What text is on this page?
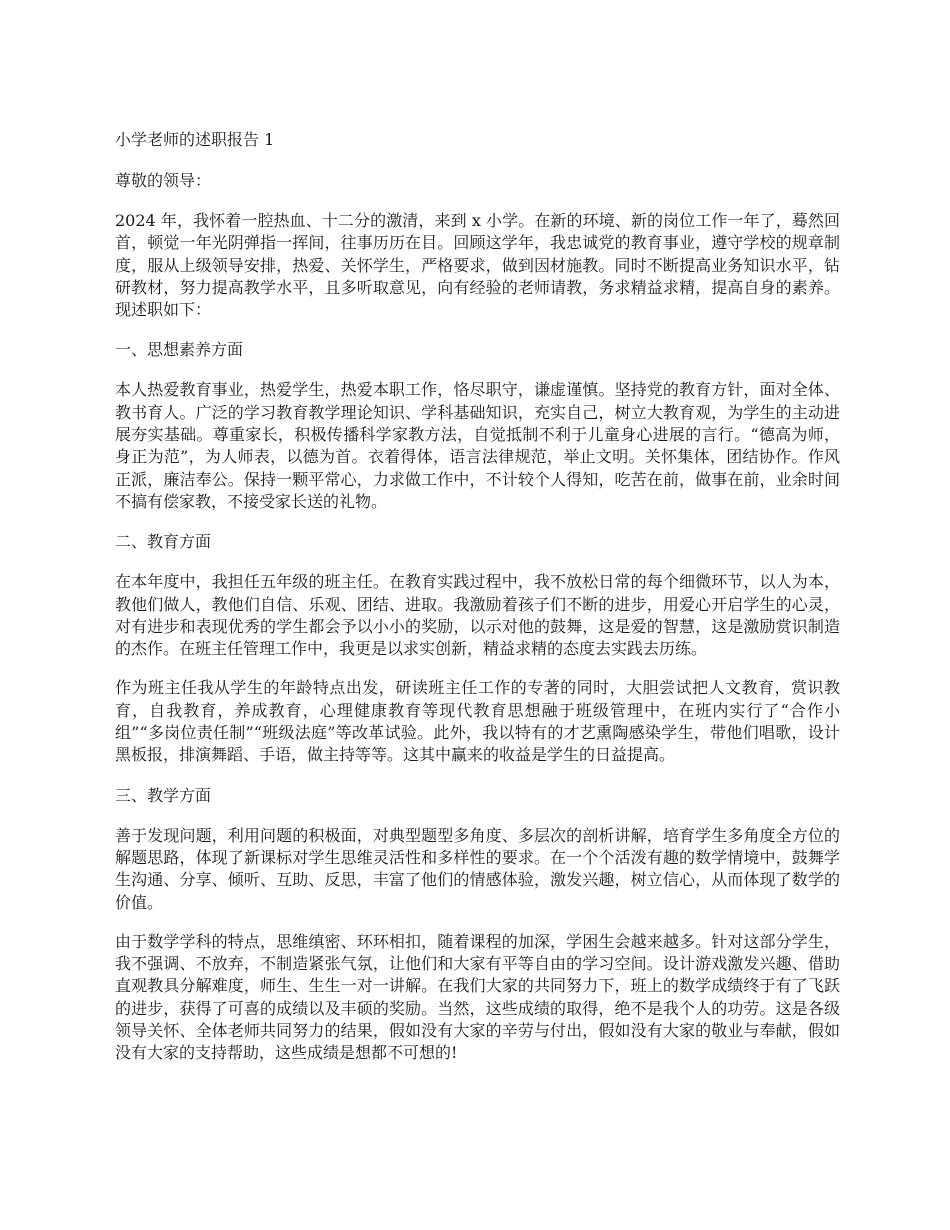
小学老师的述职报告 1

尊敬的领导：

2024 年，我怀着一腔热血、十二分的激清，来到 x 小学。在新的环境、新的岗位工作一年了，蓦然回首，顿觉一年光阴弹指一挥间，往事历历在目。回顾这学年，我忠诚党的教育事业，遵守学校的规章制度，服从上级领导安排，热爱、关怀学生，严格要求，做到因材施教。同时不断提高业务知识水平，钻研教材，努力提高教学水平，且多听取意见，向有经验的老师请教，务求精益求精，提高自身的素养。现述职如下：

一、思想素养方面

本人热爱教育事业，热爱学生，热爱本职工作，恪尽职守，谦虚谨慎。坚持党的教育方针，面对全体、教书育人。广泛的学习教育教学理论知识、学科基础知识，充实自己，树立大教育观，为学生的主动进展夯实基础。尊重家长，积极传播科学家教方法，自觉抵制不利于儿童身心进展的言行。“德高为师，身正为范”，为人师表，以德为首。衣着得体，语言法律规范，举止文明。关怀集体，团结协作。作风正派，廉洁奉公。保持一颗平常心，力求做工作中，不计较个人得知，吃苦在前，做事在前，业余时间不搞有偿家教，不接受家长送的礼物。

二、教育方面

在本年度中，我担任五年级的班主任。在教育实践过程中，我不放松日常的每个细微环节，以人为本，教他们做人，教他们自信、乐观、团结、进取。我激励着孩子们不断的进步，用爱心开启学生的心灵，对有进步和表现优秀的学生都会予以小小的奖励，以示对他的鼓舞，这是爱的智慧，这是激励赏识制造的杰作。在班主任管理工作中，我更是以求实创新，精益求精的态度去实践去历练。

作为班主任我从学生的年龄特点出发，研读班主任工作的专著的同时，大胆尝试把人文教育，赏识教育，自我教育，养成教育，心理健康教育等现代教育思想融于班级管理中，在班内实行了“合作小组”“多岗位责任制”“班级法庭”等改革试验。此外，我以特有的才艺熏陶感染学生，带他们唱歌，设计黑板报，排演舞蹈、手语，做主持等等。这其中赢来的收益是学生的日益提高。

三、教学方面

善于发现问题，利用问题的积极面，对典型题型多角度、多层次的剖析讲解，培育学生多角度全方位的解题思路，体现了新课标对学生思维灵活性和多样性的要求。在一个个活泼有趣的数学情境中，鼓舞学生沟通、分享、倾听、互助、反思，丰富了他们的情感体验，激发兴趣，树立信心，从而体现了数学的价值。

由于数学学科的特点，思维缜密、环环相扣，随着课程的加深，学困生会越来越多。针对这部分学生，我不强调、不放弃，不制造紧张气氛，让他们和大家有平等自由的学习空间。设计游戏激发兴趣、借助直观教具分解难度，师生、生生一对一讲解。在我们大家的共同努力下，班上的数学成绩终于有了飞跃的进步，获得了可喜的成绩以及丰硕的奖励。当然，这些成绩的取得，绝不是我个人的功劳。这是各级领导关怀、全体老师共同努力的结果，假如没有大家的辛劳与付出，假如没有大家的敬业与奉献，假如没有大家的支持帮助，这些成绩是想都不可想的!
